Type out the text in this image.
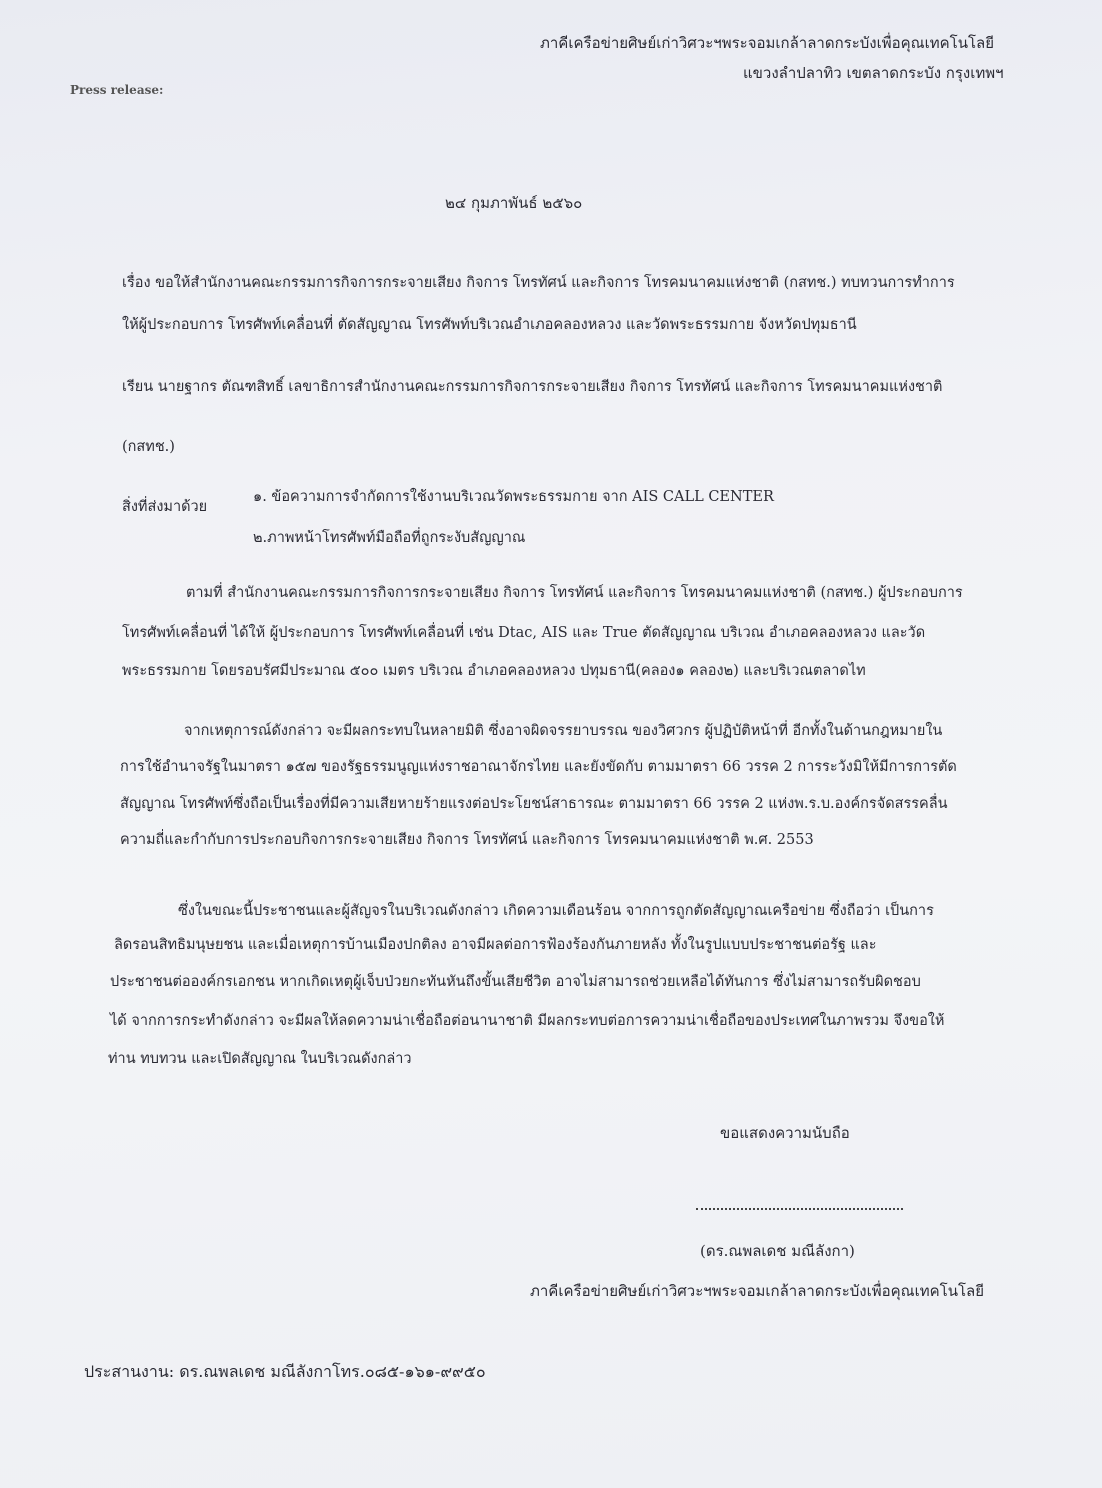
Press release:
ภาคีเครือข่ายศิษย์เก่าวิศวะฯพระจอมเกล้าลาดกระบังเพื่อคุณเทคโนโลยี
แขวงลำปลาทิว เขตลาดกระบัง กรุงเทพฯ
๒๔ กุมภาพันธ์ ๒๕๖๐
เรื่อง ขอให้สำนักงานคณะกรรมการกิจการกระจายเสียง กิจการ โทรทัศน์ และกิจการ โทรคมนาคมแห่งชาติ (กสทช.) ทบทวนการทำการ
ให้ผู้ประกอบการ โทรศัพท์เคลื่อนที่ ตัดสัญญาณ โทรศัพท์บริเวณอำเภอคลองหลวง และวัดพระธรรมกาย จังหวัดปทุมธานี
เรียน นายฐากร ตัณฑสิทธิ์ เลขาธิการสำนักงานคณะกรรมการกิจการกระจายเสียง กิจการ โทรทัศน์ และกิจการ โทรคมนาคมแห่งชาติ
(กสทช.)
สิ่งที่ส่งมาด้วย
๑. ข้อความการจำกัดการใช้งานบริเวณวัดพระธรรมกาย จาก AIS CALL CENTER
๒.ภาพหน้าโทรศัพท์มือถือที่ถูกระงับสัญญาณ
ตามที่ สำนักงานคณะกรรมการกิจการกระจายเสียง กิจการ โทรทัศน์ และกิจการ โทรคมนาคมแห่งชาติ (กสทช.) ผู้ประกอบการ
โทรศัพท์เคลื่อนที่ ได้ให้ ผู้ประกอบการ โทรศัพท์เคลื่อนที่ เช่น Dtac, AIS และ True ตัดสัญญาณ บริเวณ อำเภอคลองหลวง และวัด
พระธรรมกาย โดยรอบรัศมีประมาณ ๕๐๐ เมตร บริเวณ อำเภอคลองหลวง ปทุมธานี(คลอง๑ คลอง๒) และบริเวณตลาดไท
จากเหตุการณ์ดังกล่าว จะมีผลกระทบในหลายมิติ ซึ่งอาจผิดจรรยาบรรณ ของวิศวกร ผู้ปฏิบัติหน้าที่ อีกทั้งในด้านกฎหมายใน
การใช้อำนาจรัฐในมาตรา ๑๕๗ ของรัฐธรรมนูญแห่งราชอาณาจักรไทย และยังขัดกับ ตามมาตรา 66 วรรค 2 การระวังมิให้มีการการตัด
สัญญาณ โทรศัพท์ซึ่งถือเป็นเรื่องที่มีความเสียหายร้ายแรงต่อประโยชน์สาธารณะ ตามมาตรา 66 วรรค 2 แห่งพ.ร.บ.องค์กรจัดสรรคลื่น
ความถี่และกำกับการประกอบกิจการกระจายเสียง กิจการ โทรทัศน์ และกิจการ โทรคมนาคมแห่งชาติ พ.ศ. 2553
ซึ่งในขณะนี้ประชาชนและผู้สัญจรในบริเวณดังกล่าว เกิดความเดือนร้อน จากการถูกตัดสัญญาณเครือข่าย ซึ่งถือว่า เป็นการ
ลิดรอนสิทธิมนุษยชน และเมื่อเหตุการบ้านเมืองปกติลง อาจมีผลต่อการฟ้องร้องกันภายหลัง ทั้งในรูปแบบประชาชนต่อรัฐ และ
ประชาชนต่อองค์กรเอกชน หากเกิดเหตุผู้เจ็บป่วยกะทันหันถึงขั้นเสียชีวิต อาจไม่สามารถช่วยเหลือได้ทันการ ซึ่งไม่สามารถรับผิดชอบ
ได้ จากการกระทำดังกล่าว จะมีผลให้ลดความน่าเชื่อถือต่อนานาชาติ มีผลกระทบต่อการความน่าเชื่อถือของประเทศในภาพรวม จึงขอให้
ท่าน ทบทวน และเปิดสัญญาณ ในบริเวณดังกล่าว
ขอแสดงความนับถือ
(ดร.ณพลเดช มณีลังกา)
ภาคีเครือข่ายศิษย์เก่าวิศวะฯพระจอมเกล้าลาดกระบังเพื่อคุณเทคโนโลยี
ประสานงาน: ดร.ณพลเดช มณีลังกาโทร.๐๘๕-๑๖๑-๙๙๕๐
